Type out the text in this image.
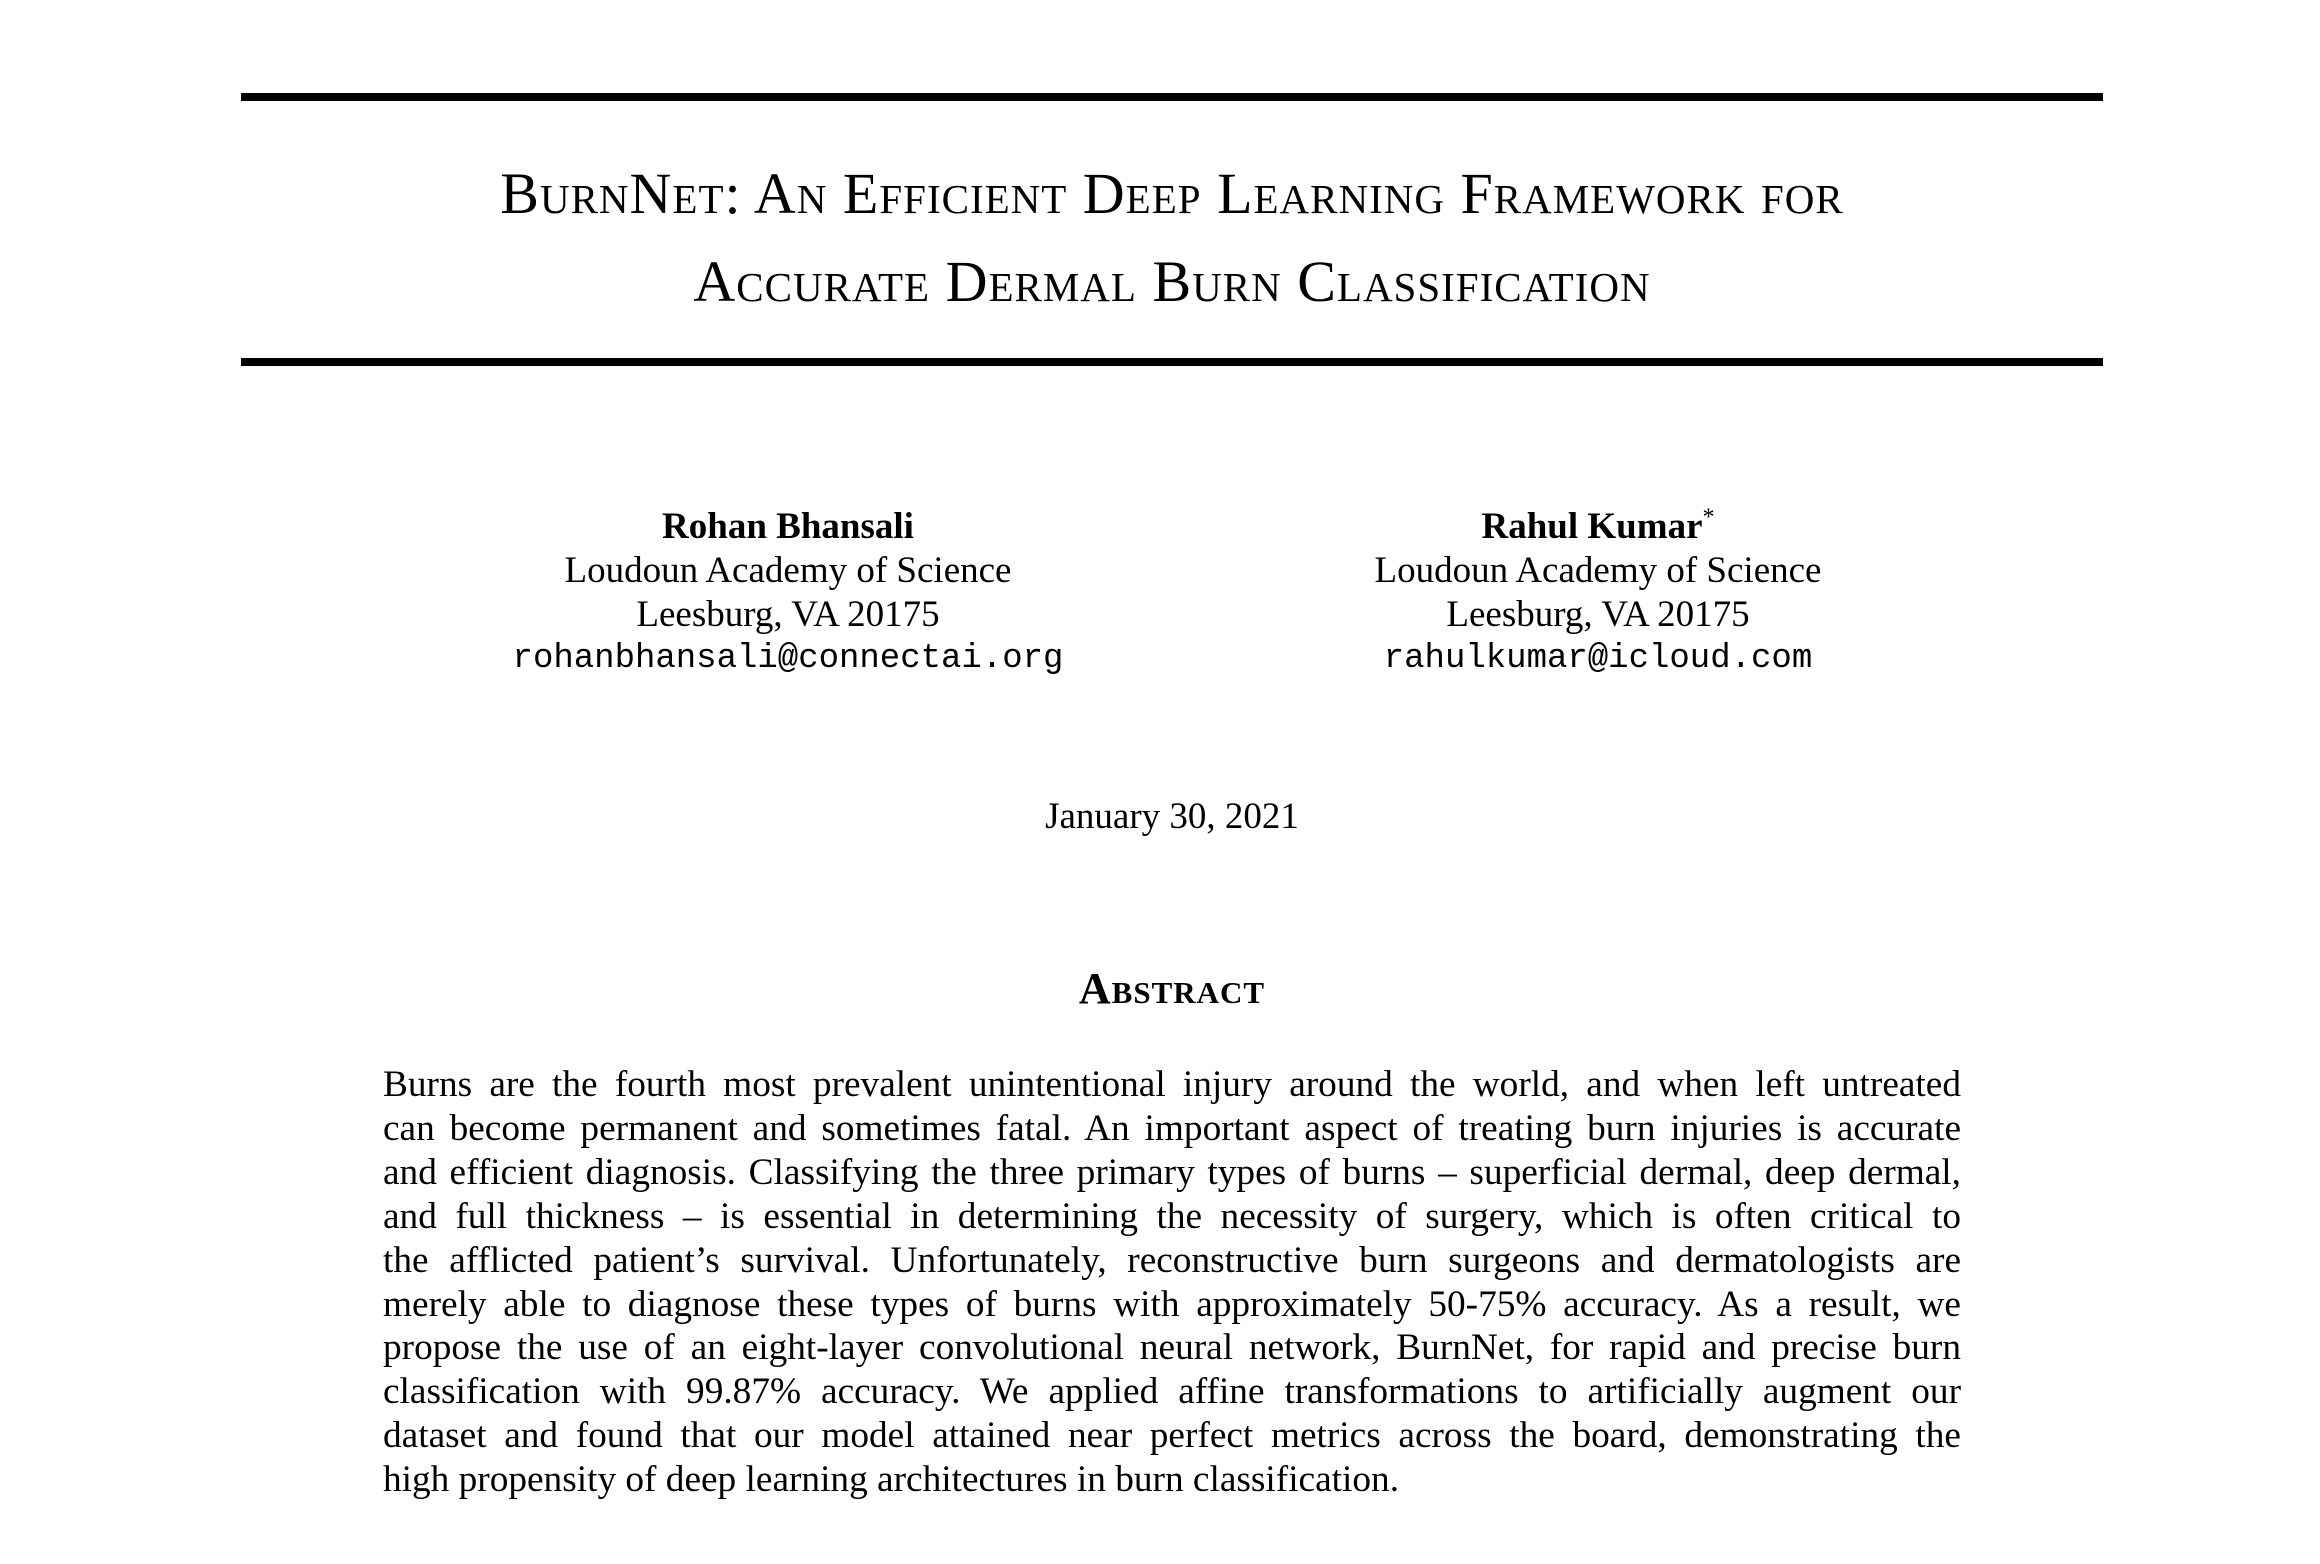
BurnNet: An Efficient Deep Learning Framework for
Accurate Dermal Burn Classification
Rohan Bhansali
Loudoun Academy of Science
Leesburg, VA 20175
rohanbhansali@connectai.org
Rahul Kumar*
Loudoun Academy of Science
Leesburg, VA 20175
rahulkumar@icloud.com
January 30, 2021
Abstract
Burns are the fourth most prevalent unintentional injury around the world, and when left untreated
can become permanent and sometimes fatal. An important aspect of treating burn injuries is accurate
and efficient diagnosis. Classifying the three primary types of burns – superficial dermal, deep dermal,
and full thickness – is essential in determining the necessity of surgery, which is often critical to
the afflicted patient’s survival. Unfortunately, reconstructive burn surgeons and dermatologists are
merely able to diagnose these types of burns with approximately 50-75% accuracy. As a result, we
propose the use of an eight-layer convolutional neural network, BurnNet, for rapid and precise burn
classification with 99.87% accuracy. We applied affine transformations to artificially augment our
dataset and found that our model attained near perfect metrics across the board, demonstrating the
high propensity of deep learning architectures in burn classification.
